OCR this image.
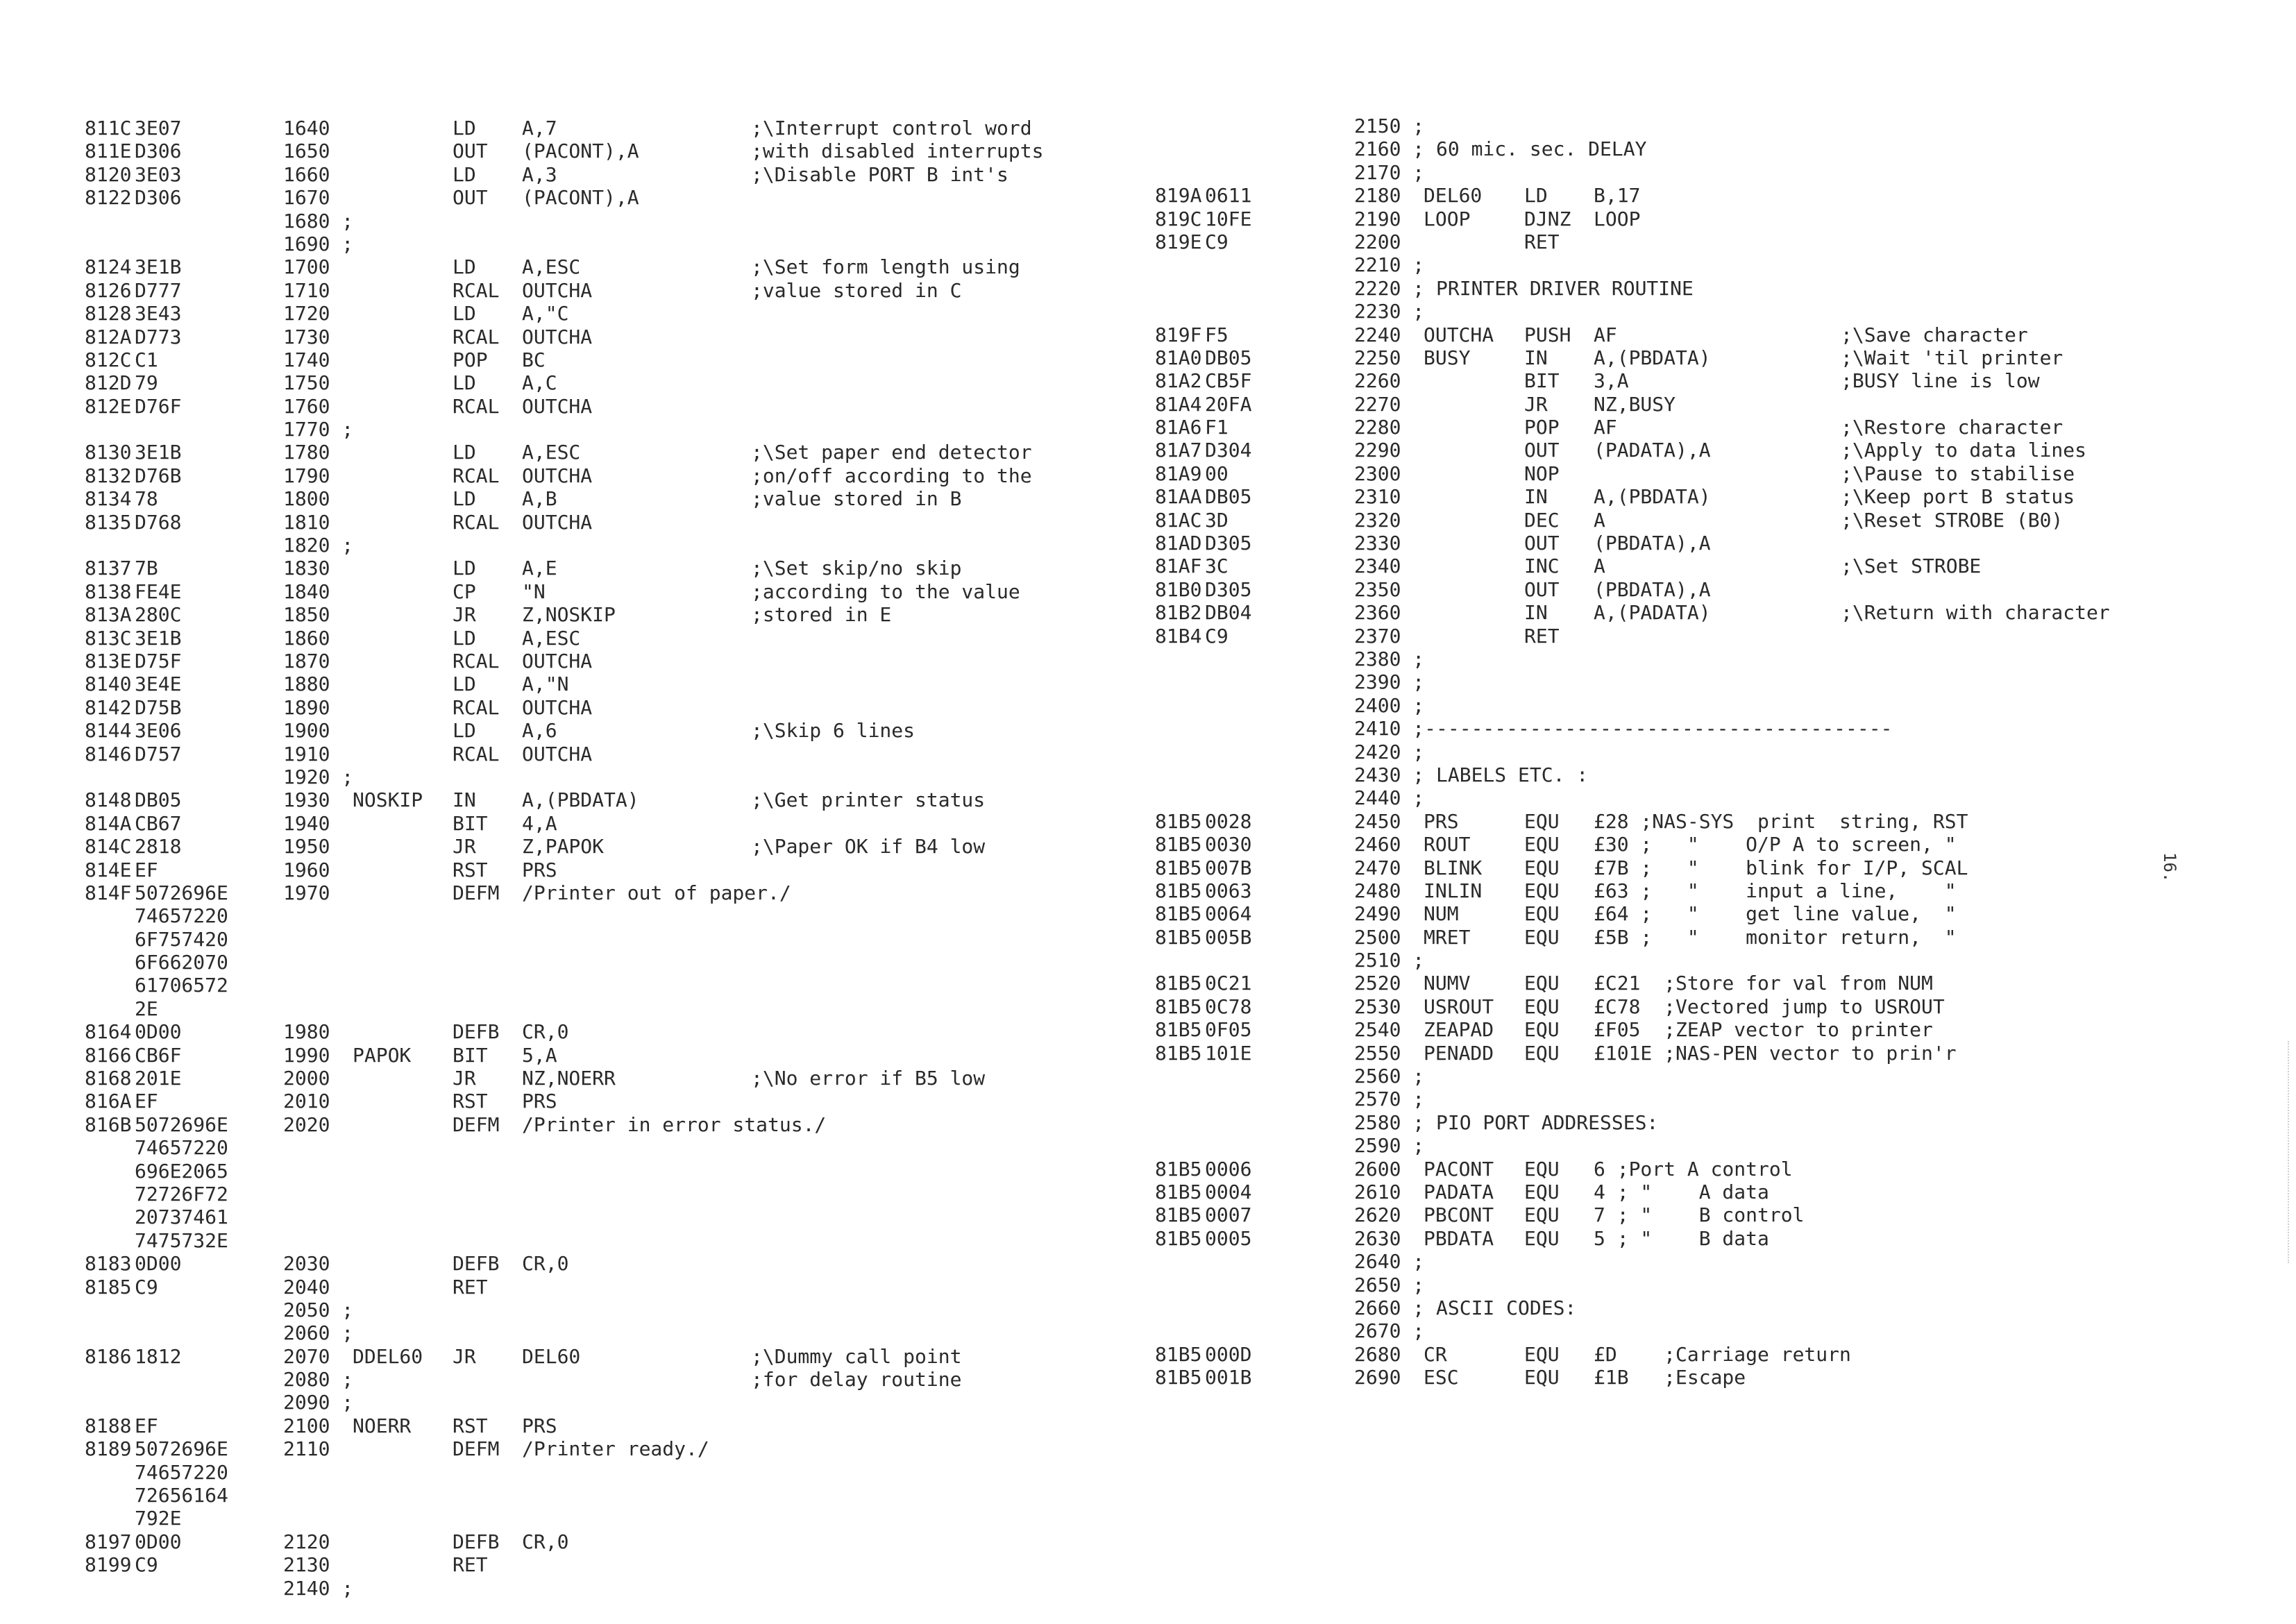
811C 3E07	1640	LD A,7	;\Interrupt control word
811E D306	1650	OUT (PACONT),A	;with disabled interrupts
8120 3E03	1660	LD A,3	;\Disable PORT B int's
8122 D306	1670	OUT (PACONT),A
1680 ;
1690 ;
8124 3E1B	1700	LD A,ESC	;\Set form length using
8126 D777	1710	RCAL OUTCHA	;value stored in C
8128 3E43	1720	LD A,"C
812A D773	1730	RCAL OUTCHA
812C C1	1740	POP BC
812D 79	1750	LD A,C
812E D76F	1760	RCAL OUTCHA
1770 ;
8130 3E1B	1780	LD A,ESC	;\Set paper end detector
8132 D76B	1790	RCAL OUTCHA	;on/off according to the
8134 78	1800	LD A,B	;value stored in B
8135 D768	1810	RCAL OUTCHA
1820 ;
8137 7B	1830	LD A,E	;\Set skip/no skip
8138 FE4E	1840	CP "N	;according to the value
813A 280C	1850	JR Z,NOSKIP	;stored in E
813C 3E1B	1860	LD A,ESC
813E D75F	1870	RCAL OUTCHA
8140 3E4E	1880	LD A,"N
8142 D75B	1890	RCAL OUTCHA
8144 3E06	1900	LD A,6	;\Skip 6 lines
8146 D757	1910	RCAL OUTCHA
1920 ;
8148 DB05	1930 NOSKIP IN A,(PBDATA)	;\Get printer status
814A CB67	1940	BIT 4,A
814C 2818	1950	JR Z,PAPOK	;\Paper OK if B4 low
814E EF	1960	RST PRS
814F 5072696E	1970	DEFM /Printer out of paper./
74657220
6F757420
6F662070
61706572
2E
8164 0D00	1980	DEFB CR,0
8166 CB6F	1990 PAPOK BIT 5,A
8168 201E	2000	JR NZ,NOERR	;\No error if B5 low
816A EF	2010	RST PRS
816B 5072696E	2020	DEFM /Printer in error status./
74657220
696E2065
72726F72
20737461
7475732E
8183 0D00	2030	DEFB CR,0
8185 C9	2040	RET
2050 ;
2060 ;
8186 1812	2070 DDEL60 JR DEL60	;\Dummy call point
2080 ;	;for delay routine
2090 ;
8188 EF	2100 NOERR RST PRS
8189 5072696E	2110	DEFM /Printer ready./
74657220
72656164
792E
8197 0D00	2120	DEFB CR,0
8199 C9	2130	RET
2140 ;
2150 ;
2160 ; 60 mic. sec. DELAY
2170 ;
819A 0611	2180 DEL60 LD B,17
819C 10FE	2190 LOOP	DJNZ LOOP
819E C9	2200	RET
2210 ;
2220 ; PRINTER DRIVER ROUTINE
2230 ;
819F F5	2240 OUTCHA PUSH AF	;\Save character
81A0 DB05	2250 BUSY	IN A,(PBDATA)	;\Wait 'til printer
81A2 CB5F	2260	BIT 3,A	;BUSY line is low
81A4 20FA	2270	JR NZ,BUSY
81A6 F1	2280	POP AF	;\Restore character
81A7 D304	2290	OUT (PADATA),A	;\Apply to data lines
81A9 00	2300	NOP	;\Pause to stabilise
81AA DB05	2310	IN A,(PBDATA)	;\Keep port B status
81AC 3D	2320	DEC A	;\Reset STROBE (B0)
81AD D305	2330	OUT (PBDATA),A
81AF 3C	2340	INC A	;\Set STROBE
81B0 D305	2350	OUT (PBDATA),A
81B2 DB04	2360	IN A,(PADATA)	;\Return with character
81B4 C9	2370	RET
2380 ;
2390 ;
2400 ;
2410 ;----------------------------------------
2420 ;
2430 ; LABELS ETC. :
2440 ;
81B5 0028	2450 PRS	EQU £28 ;NAS-SYS  print  string, RST
81B5 0030	2460 ROUT	EQU £30 ;   "    O/P A to screen, "
81B5 007B	2470 BLINK EQU £7B ;   "    blink for I/P, SCAL
81B5 0063	2480 INLIN EQU £63 ;   "    input a line,    "
81B5 0064	2490 NUM	EQU £64 ;   "    get line value,  "
81B5 005B	2500 MRET	EQU £5B ;   "    monitor return,  "
2510 ;
81B5 0C21	2520 NUMV	EQU £C21  ;Store for val from NUM
81B5 0C78	2530 USROUT EQU £C78  ;Vectored jump to USROUT
81B5 0F05	2540 ZEAPAD EQU £F05  ;ZEAP vector to printer
81B5 101E	2550 PENADD EQU £101E ;NAS-PEN vector to prin'r
2560 ;
2570 ;
2580 ; PIO PORT ADDRESSES:
2590 ;
81B5 0006	2600 PACONT EQU 6 ;Port A control
81B5 0004	2610 PADATA EQU 4 ; "    A data
81B5 0007	2620 PBCONT EQU 7 ; "    B control
81B5 0005	2630 PBDATA EQU 5 ; "    B data
2640 ;
2650 ;
2660 ; ASCII CODES:
2670 ;
81B5 000D	2680 CR	EQU £D    ;Carriage return
81B5 001B	2690 ESC	EQU £1B   ;Escape
16.
